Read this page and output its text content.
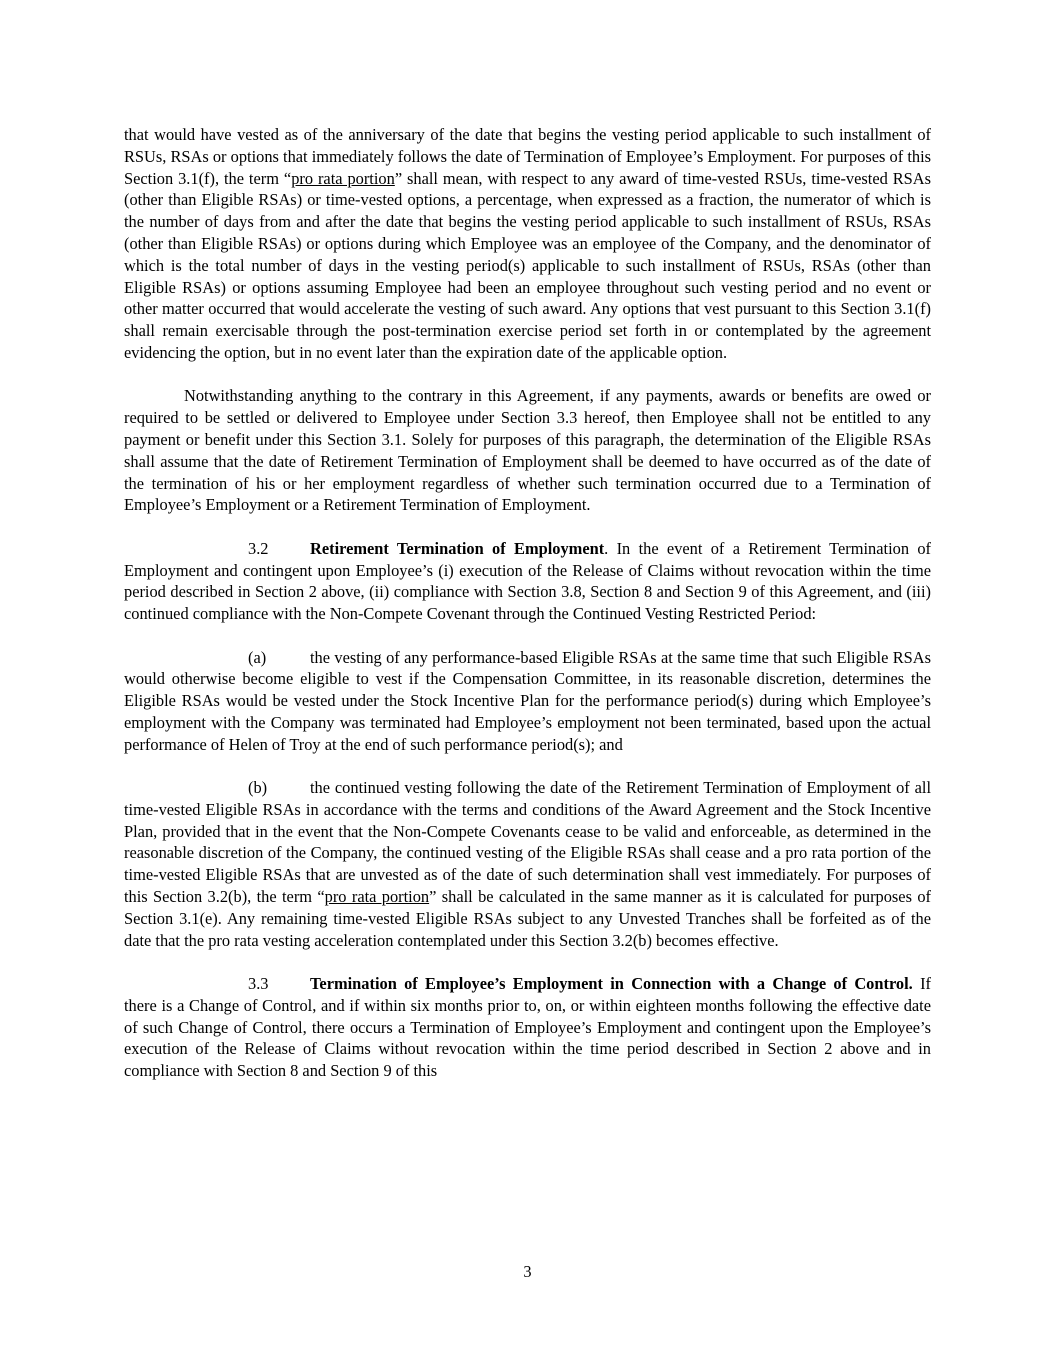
that would have vested as of the anniversary of the date that begins the vesting period applicable to such installment of RSUs, RSAs or options that immediately follows the date of Termination of Employee’s Employment. For purposes of this Section 3.1(f), the term “pro rata portion” shall mean, with respect to any award of time-vested RSUs, time-vested RSAs (other than Eligible RSAs) or time-vested options, a percentage, when expressed as a fraction, the numerator of which is the number of days from and after the date that begins the vesting period applicable to such installment of RSUs, RSAs (other than Eligible RSAs) or options during which Employee was an employee of the Company, and the denominator of which is the total number of days in the vesting period(s) applicable to such installment of RSUs, RSAs (other than Eligible RSAs) or options assuming Employee had been an employee throughout such vesting period and no event or other matter occurred that would accelerate the vesting of such award. Any options that vest pursuant to this Section 3.1(f) shall remain exercisable through the post-termination exercise period set forth in or contemplated by the agreement evidencing the option, but in no event later than the expiration date of the applicable option.

Notwithstanding anything to the contrary in this Agreement, if any payments, awards or benefits are owed or required to be settled or delivered to Employee under Section 3.3 hereof, then Employee shall not be entitled to any payment or benefit under this Section 3.1. Solely for purposes of this paragraph, the determination of the Eligible RSAs shall assume that the date of Retirement Termination of Employment shall be deemed to have occurred as of the date of the termination of his or her employment regardless of whether such termination occurred due to a Termination of Employee’s Employment or a Retirement Termination of Employment.

3.2	Retirement Termination of Employment. In the event of a Retirement Termination of Employment and contingent upon Employee’s (i) execution of the Release of Claims without revocation within the time period described in Section 2 above, (ii) compliance with Section 3.8, Section 8 and Section 9 of this Agreement, and (iii) continued compliance with the Non-Compete Covenant through the Continued Vesting Restricted Period:

(a)	the vesting of any performance-based Eligible RSAs at the same time that such Eligible RSAs would otherwise become eligible to vest if the Compensation Committee, in its reasonable discretion, determines the Eligible RSAs would be vested under the Stock Incentive Plan for the performance period(s) during which Employee’s employment with the Company was terminated had Employee’s employment not been terminated, based upon the actual performance of Helen of Troy at the end of such performance period(s); and

(b)	the continued vesting following the date of the Retirement Termination of Employment of all time-vested Eligible RSAs in accordance with the terms and conditions of the Award Agreement and the Stock Incentive Plan, provided that in the event that the Non-Compete Covenants cease to be valid and enforceable, as determined in the reasonable discretion of the Company, the continued vesting of the Eligible RSAs shall cease and a pro rata portion of the time-vested Eligible RSAs that are unvested as of the date of such determination shall vest immediately. For purposes of this Section 3.2(b), the term “pro rata portion” shall be calculated in the same manner as it is calculated for purposes of Section 3.1(e). Any remaining time-vested Eligible RSAs subject to any Unvested Tranches shall be forfeited as of the date that the pro rata vesting acceleration contemplated under this Section 3.2(b) becomes effective.

3.3	Termination of Employee’s Employment in Connection with a Change of Control. If there is a Change of Control, and if within six months prior to, on, or within eighteen months following the effective date of such Change of Control, there occurs a Termination of Employee’s Employment and contingent upon the Employee’s execution of the Release of Claims without revocation within the time period described in Section 2 above and in compliance with Section 8 and Section 9 of this

3
